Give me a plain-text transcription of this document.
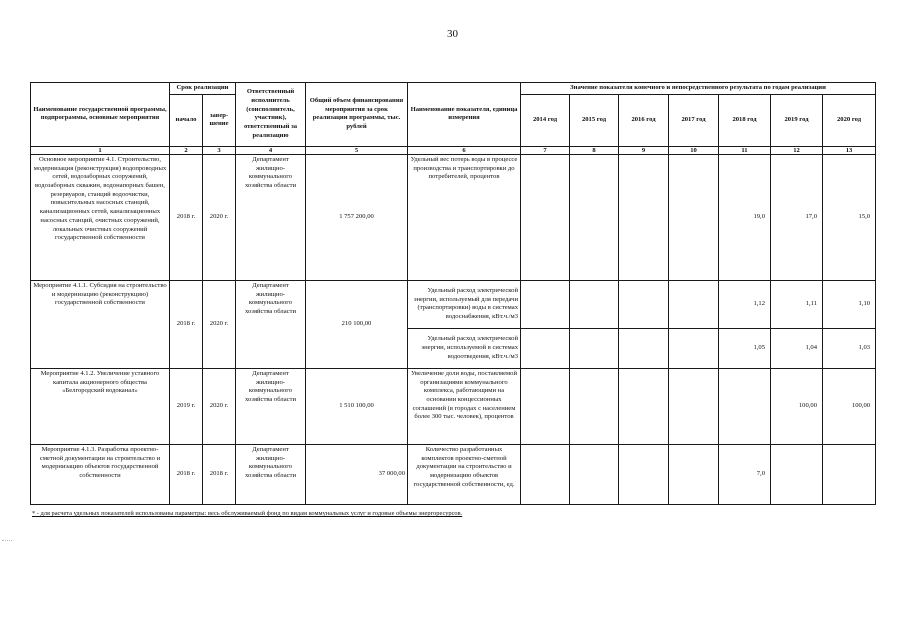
30
Наименование государственной программы, подпрограммы, основные мероприятия	Срок реализации		Ответственный исполнитель (соисполнитель, участник), ответственный за реализацию	Общий объем финансирования мероприятия за срок реализации программы, тыс. рублей	Наименование показателя, единица измерения	Значение показателя конечного и непосредственного результата по годам реализации						
	начало	завер-шение				2014 год	2015 год	2016 год	2017 год	2018 год	2019 год	2020 год
1	2	3	4	5	6	7	8	9	10	11	12	13
Основное мероприятие 4.1. Строительство, модернизация (реконструкция) водопроводных сетей, водозаборных сооружений, водозаборных скважин, водонапорных башен, резервуаров, станций водоочистки, повысительных насосных станций, канализационных сетей, канализационных насосных станций, очистных сооружений, локальных очистных сооружений государственной собственности	2018 г.	2020 г.	Департамент жилищно-коммунального хозяйства области	1 757 200,00	Удельный вес потерь воды в процессе производства и транспортировки до потребителей, процентов					19,0	17,0	15,0
Мероприятие 4.1.1. Субсидия на строительство и модернизацию (реконструкцию) государственной собственности	2018 г.	2020 г.	Департамент жилищно-коммунального хозяйства области	210 100,00	Удельный расход электрической энергии, используемый для передачи (транспортировки) воды в системах водоснабжения, кВт.ч./м3					1,12	1,11	1,10
					Удельный расход электрической энергии, используемой в системах водоотведения, кВт.ч./м3					1,05	1,04	1,03
Мероприятие 4.1.2. Увеличение уставного капитала акционерного общества «Белгородский водоканал»	2019 г.	2020 г.	Департамент жилищно-коммунального хозяйства области	1 510 100,00	Увеличение доли воды, поставляемой организациями коммунального комплекса, работающими на основании концессионных соглашений (в городах с населением более 300 тыс. человек), процентов						100,00	100,00
Мероприятие 4.1.3. Разработка проектно-сметной документации на строительство и модернизацию объектов государственной собственности	2018 г.	2018 г.	Департамент жилищно-коммунального хозяйства области	37 000,00	Количество разработанных комплектов проектно-сметной документации на строительство и модернизацию объектов государственной собственности, ед.					7,0		
* - для расчета удельных показателей использованы параметры: весь обслуживаемый фонд по видам коммунальных услуг и годовые объемы энергоресурсов.
